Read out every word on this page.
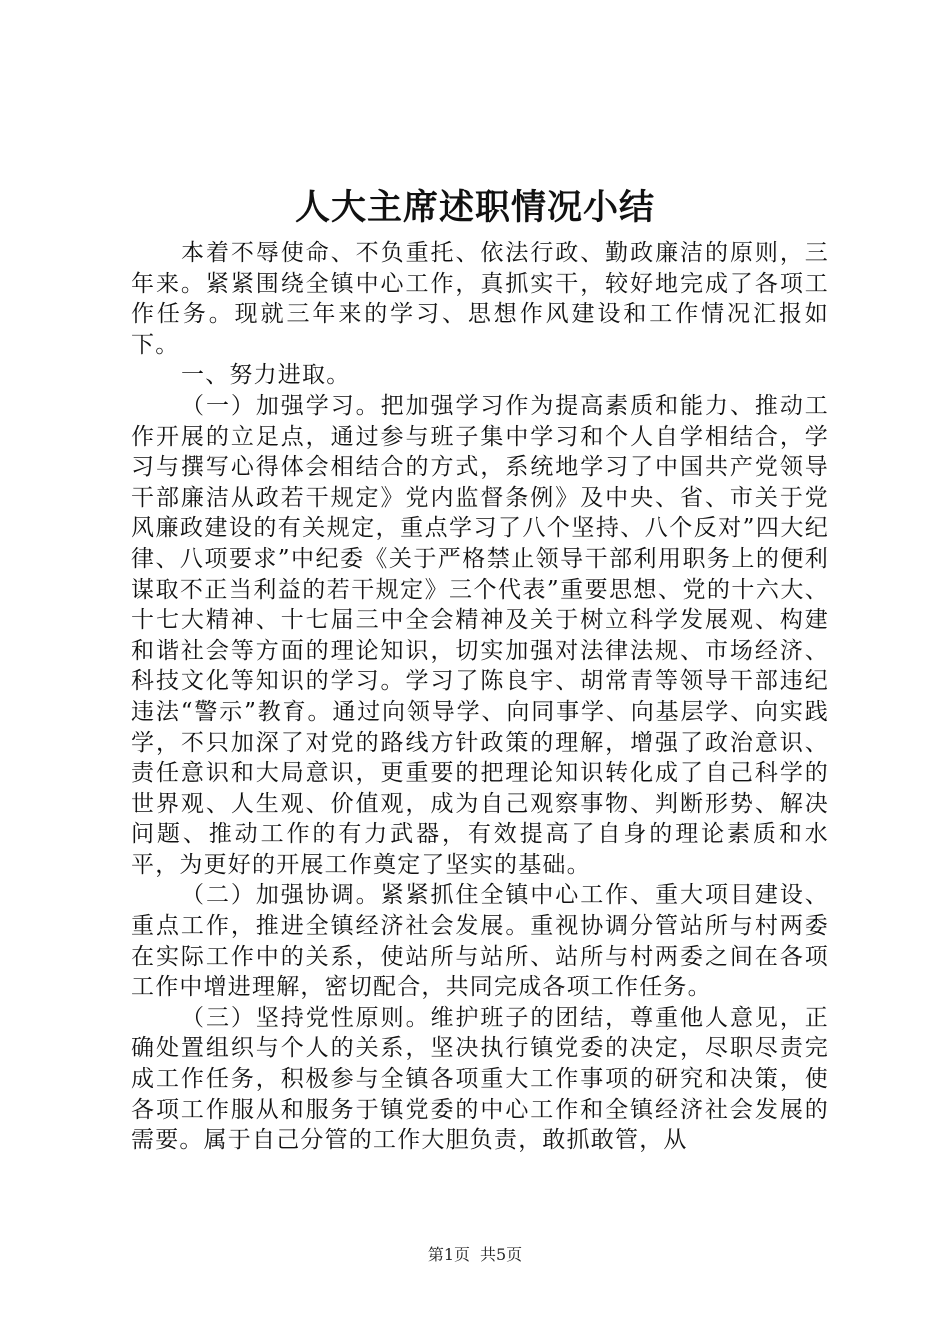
人大主席述职情况小结

本着不辱使命、不负重托、依法行政、勤政廉洁的原则，三年来。紧紧围绕全镇中心工作，真抓实干，较好地完成了各项工作任务。现就三年来的学习、思想作风建设和工作情况汇报如下。

一、努力进取。

（一）加强学习。把加强学习作为提高素质和能力、推动工作开展的立足点，通过参与班子集中学习和个人自学相结合，学习与撰写心得体会相结合的方式，系统地学习了中国共产党领导干部廉洁从政若干规定》党内监督条例》及中央、省、市关于党风廉政建设的有关规定，重点学习了八个坚持、八个反对”四大纪律、八项要求”中纪委《关于严格禁止领导干部利用职务上的便利谋取不正当利益的若干规定》三个代表”重要思想、党的十六大、十七大精神、十七届三中全会精神及关于树立科学发展观、构建和谐社会等方面的理论知识，切实加强对法律法规、市场经济、科技文化等知识的学习。学习了陈良宇、胡常青等领导干部违纪违法“警示”教育。通过向领导学、向同事学、向基层学、向实践学，不只加深了对党的路线方针政策的理解，增强了政治意识、责任意识和大局意识，更重要的把理论知识转化成了自己科学的世界观、人生观、价值观，成为自己观察事物、判断形势、解决问题、推动工作的有力武器，有效提高了自身的理论素质和水平，为更好的开展工作奠定了坚实的基础。

（二）加强协调。紧紧抓住全镇中心工作、重大项目建设、重点工作，推进全镇经济社会发展。重视协调分管站所与村两委在实际工作中的关系，使站所与站所、站所与村两委之间在各项工作中增进理解，密切配合，共同完成各项工作任务。

（三）坚持党性原则。维护班子的团结，尊重他人意见，正确处置组织与个人的关系，坚决执行镇党委的决定，尽职尽责完成工作任务，积极参与全镇各项重大工作事项的研究和决策，使各项工作服从和服务于镇党委的中心工作和全镇经济社会发展的需要。属于自己分管的工作大胆负责，敢抓敢管，从

第1页 共5页
